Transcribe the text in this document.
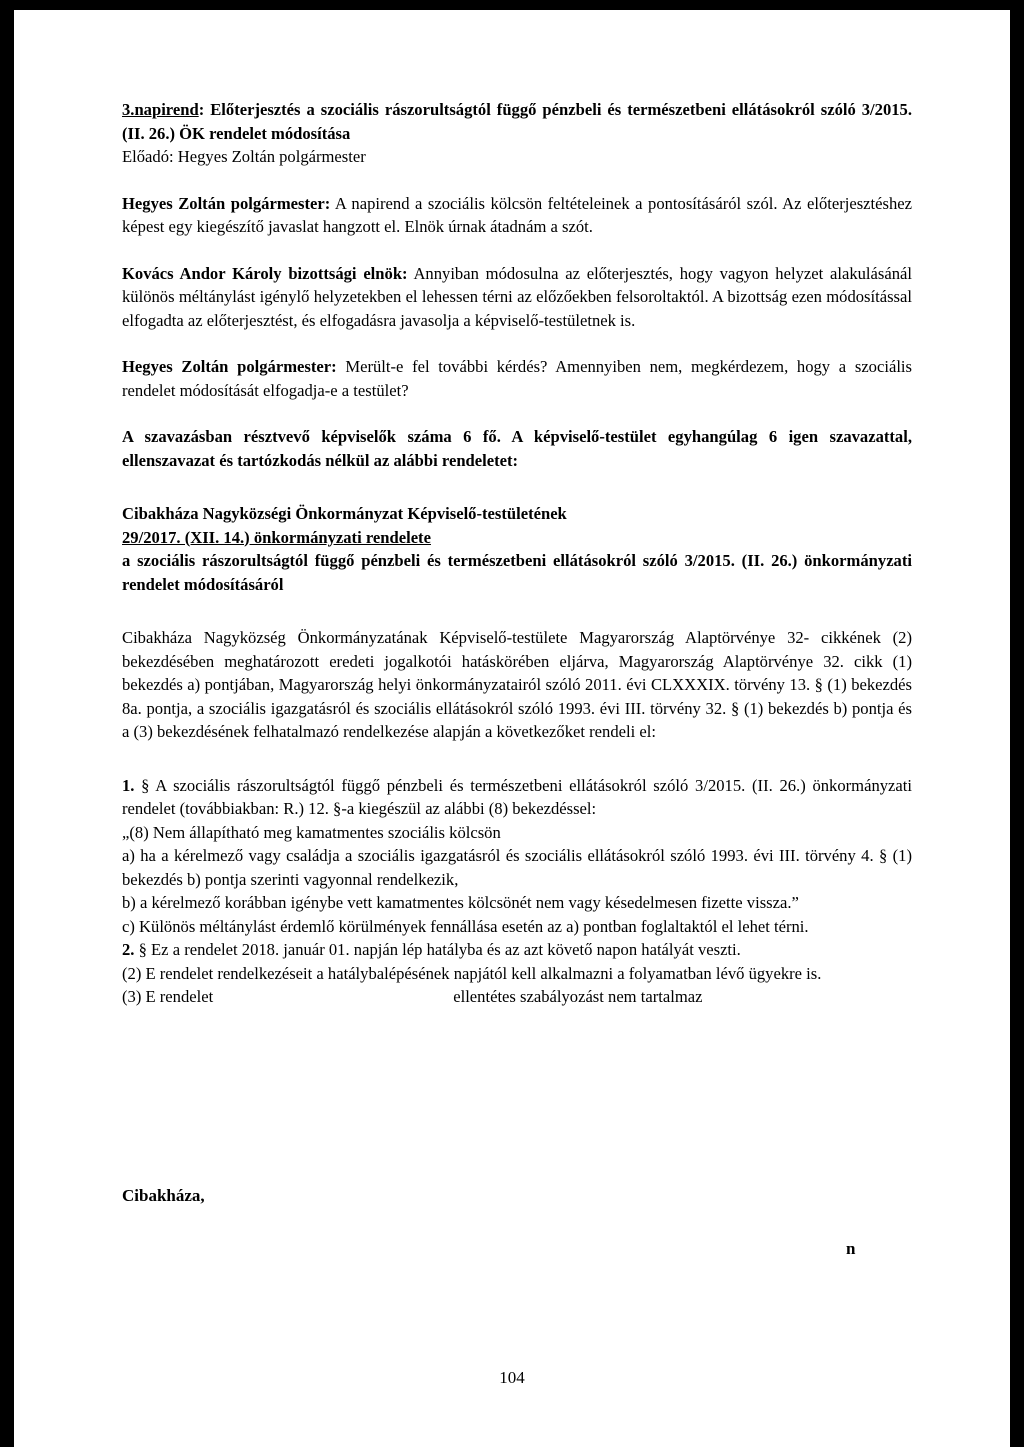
3.napirend: Előterjesztés a szociális rászorultságtól függő pénzbeli és természetbeni ellátásokról szóló 3/2015. (II. 26.) ÖK rendelet módosítása

Előadó: Hegyes Zoltán polgármester

Hegyes Zoltán polgármester: A napirend a szociális kölcsön feltételeinek a pontosításáról szól. Az előterjesztéshez képest egy kiegészítő javaslat hangzott el. Elnök úrnak átadnám a szót.

Kovács Andor Károly bizottsági elnök: Annyiban módosulna az előterjesztés, hogy vagyon helyzet alakulásánál különös méltánylást igénylő helyzetekben el lehessen térni az előzőekben felsoroltaktól. A bizottság ezen módosítással elfogadta az előterjesztést, és elfogadásra javasolja a képviselő-testületnek is.

Hegyes Zoltán polgármester: Merült-e fel további kérdés? Amennyiben nem, megkérdezem, hogy a szociális rendelet módosítását elfogadja-e a testület?

A szavazásban résztvevő képviselők száma 6 fő. A képviselő-testület egyhangúlag 6 igen szavazattal, ellenszavazat és tartózkodás nélkül az alábbi rendeletet:

Cibakháza Nagyközségi Önkormányzat Képviselő-testületének

29/2017. (XII. 14.) önkormányzati rendelete

a szociális rászorultságtól függő pénzbeli és természetbeni ellátásokról szóló 3/2015. (II. 26.) önkormányzati rendelet módosításáról

Cibakháza Nagyközség Önkormányzatának Képviselő-testülete Magyarország Alaptörvénye 32- cikkének (2) bekezdésében meghatározott eredeti jogalkotói hatáskörében eljárva, Magyarország Alaptörvénye 32. cikk (1) bekezdés a) pontjában, Magyarország helyi önkormányzatairól szóló 2011. évi CLXXXIX. törvény 13. § (1) bekezdés 8a. pontja, a szociális igazgatásról és szociális ellátásokról szóló 1993. évi III. törvény 32. § (1) bekezdés b) pontja és a (3) bekezdésének felhatalmazó rendelkezése alapján a következőket rendeli el:

1. § A szociális rászorultságtól függő pénzbeli és természetbeni ellátásokról szóló 3/2015. (II. 26.) önkormányzati rendelet (továbbiakban: R.) 12. §-a kiegészül az alábbi (8) bekezdéssel:

„(8) Nem állapítható meg kamatmentes szociális kölcsön

a) ha a kérelmező vagy családja a szociális igazgatásról és szociális ellátásokról szóló 1993. évi III. törvény 4. § (1) bekezdés b) pontja szerinti vagyonnal rendelkezik,

b) a kérelmező korábban igénybe vett kamatmentes kölcsönét nem vagy késedelmesen fizette vissza.”

c) Különös méltánylást érdemlő körülmények fennállása esetén az a) pontban foglaltaktól el lehet térni.

2. § Ez a rendelet 2018. január 01. napján lép hatályba és az azt követő napon hatályát veszti.

(2) E rendelet rendelkezéseit a hatálybalépésének napjától kell alkalmazni a folyamatban lévő ügyekre is.

(3) E rendelet	ellentétes szabályozást nem tartalmaz

Cibakháza,
n
104
